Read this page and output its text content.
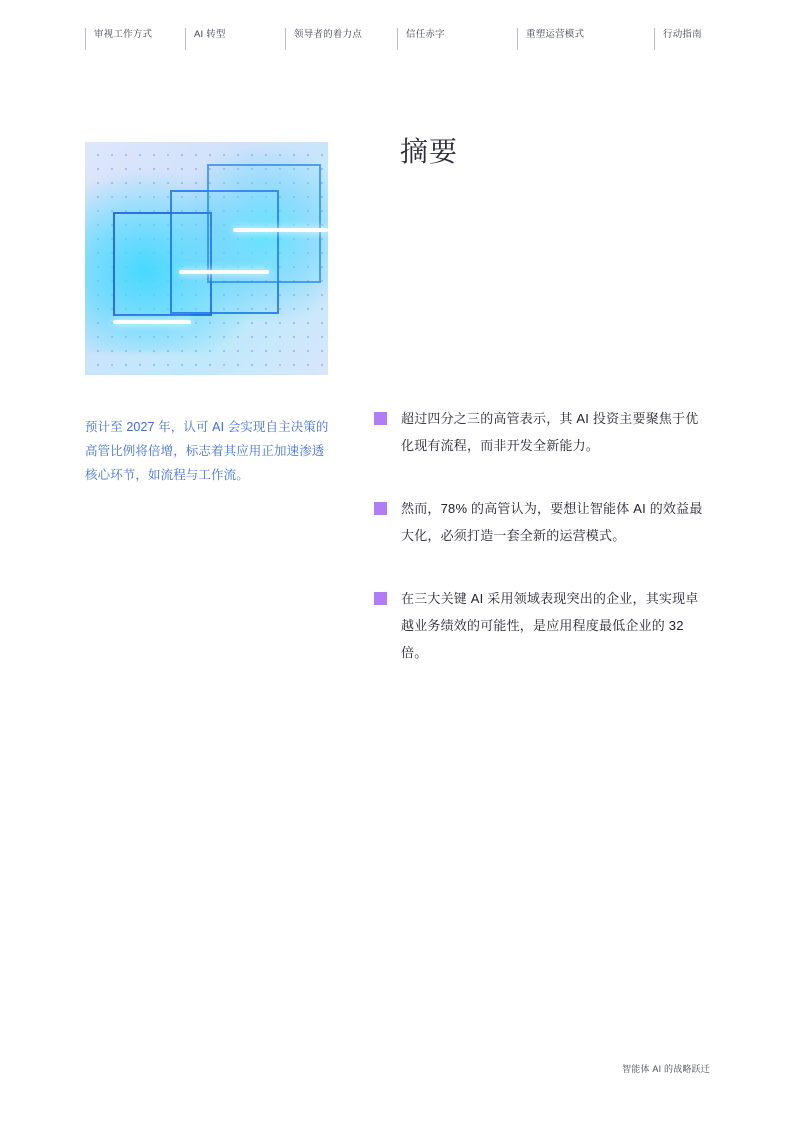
审视工作方式	AI 转型	领导者的着力点	信任赤字	重塑运营模式	行动指南
预计至 2027 年，认可 AI 会实现自主决策的高管比例将倍增，标志着其应用正加速渗透核心环节，如流程与工作流。
摘要
超过四分之三的高管表示，其 AI 投资主要聚焦于优化现有流程，而非开发全新能力。
然而，78% 的高管认为，要想让智能体 AI 的效益最大化，必须打造一套全新的运营模式。
在三大关键 AI 采用领域表现突出的企业，其实现卓越业务绩效的可能性，是应用程度最低企业的 32 倍。
智能体 AI 的战略跃迁
